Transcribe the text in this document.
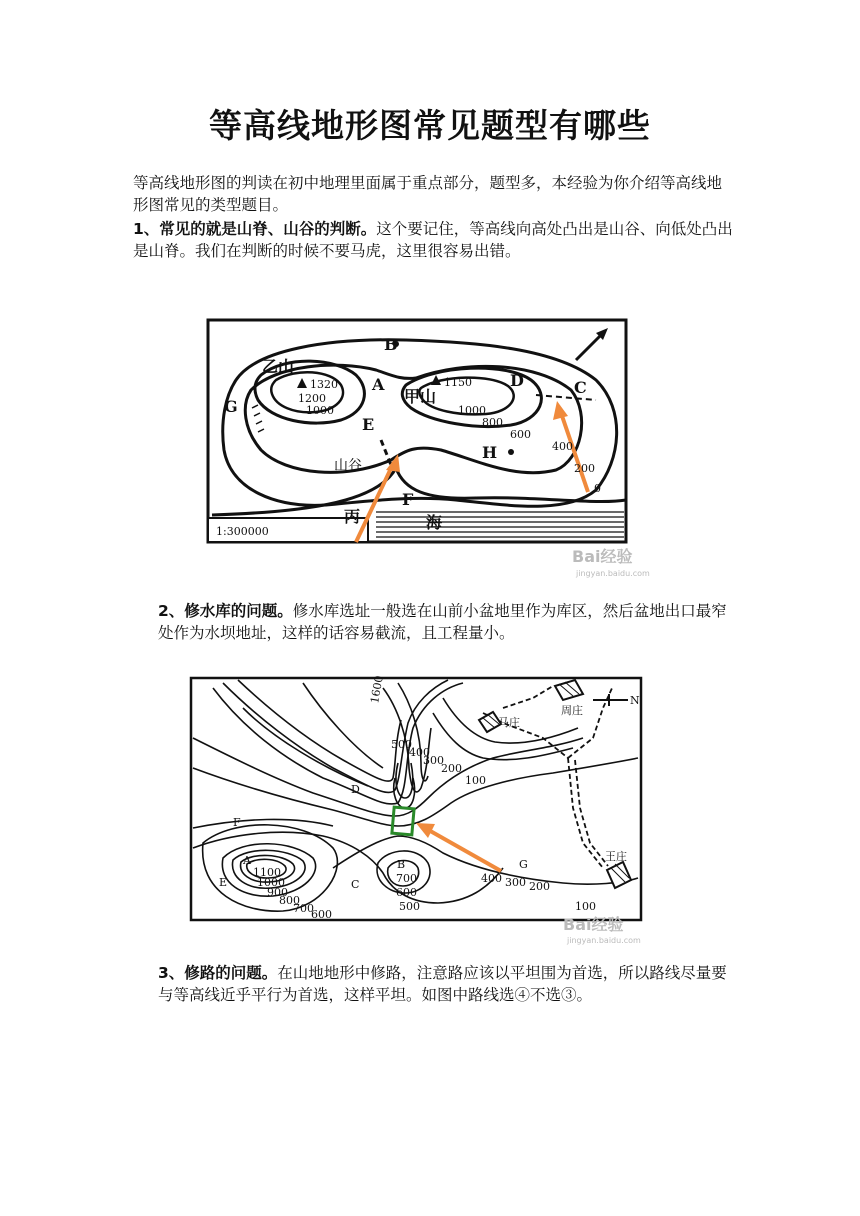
等高线地形图常见题型有哪些

等高线地形图的判读在初中地理里面属于重点部分，题型多，本经验为你介绍等高线地形图常见的类型题目。

1、常见的就是山脊、山谷的判断。这个要记住，等高线向高处凸出是山谷、向低处凸出是山脊。我们在判断的时候不要马虎，这里很容易出错。

B
A	C
D
E
F
G
H
乙山
甲山
丙	海
山谷
1:300000
1320
1200
1000
1150
1000
800
600
400
200
0
Bai经验
jingyan.baidu.com

2、修水库的问题。修水库选址一般选在山前小盆地里作为库区，然后盆地出口最窄处作为水坝地址，这样的话容易截流，且工程量小。

马庄
周庄
王庄
N
A	B
C
D
E
F
G
1600
500
400
300
200
100
700
600
500
400 300 200
100
1100
1000
900
800
700
600
Bai经验
jingyan.baidu.com

3、修路的问题。在山地地形中修路，注意路应该以平坦围为首选，所以路线尽量要与等高线近乎平行为首选，这样平坦。如图中路线选④不选③。
